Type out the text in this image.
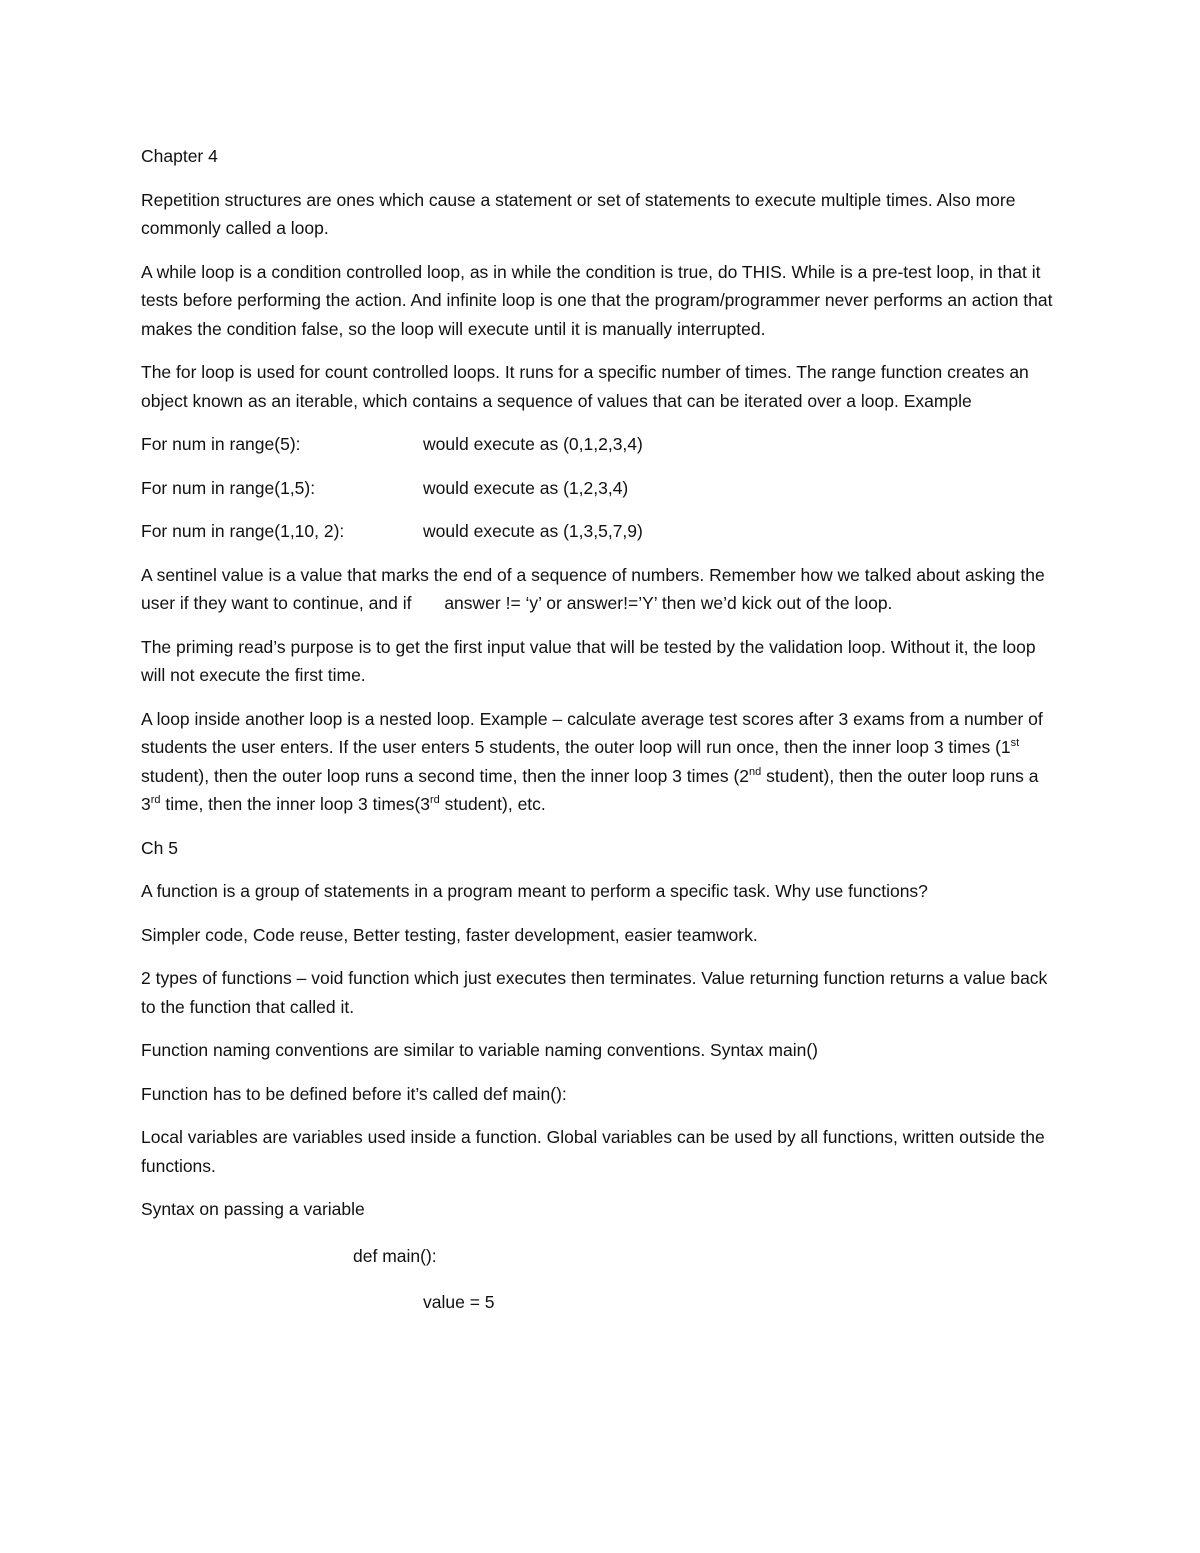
Chapter 4

Repetition structures are ones which cause a statement or set of statements to execute multiple times. Also more commonly called a loop.

A while loop is a condition controlled loop, as in while the condition is true, do THIS. While is a pre-test loop, in that it tests before performing the action. And infinite loop is one that the program/programmer never performs an action that makes the condition false, so the loop will execute until it is manually interrupted.

The for loop is used for count controlled loops. It runs for a specific number of times. The range function creates an object known as an iterable, which contains a sequence of values that can be iterated over a loop. Example

For num in range(5):	would execute as (0,1,2,3,4)
For num in range(1,5):	would execute as (1,2,3,4)
For num in range(1,10, 2):	would execute as (1,3,5,7,9)

A sentinel value is a value that marks the end of a sequence of numbers. Remember how we talked about asking the user if they want to continue, and if answer != ‘y’ or answer!=’Y’ then we’d kick out of the loop.

The priming read’s purpose is to get the first input value that will be tested by the validation loop. Without it, the loop will not execute the first time.

A loop inside another loop is a nested loop. Example – calculate average test scores after 3 exams from a number of students the user enters. If the user enters 5 students, the outer loop will run once, then the inner loop 3 times (1st student), then the outer loop runs a second time, then the inner loop 3 times (2nd student), then the outer loop runs a 3rd time, then the inner loop 3 times(3rd student), etc.

Ch 5

A function is a group of statements in a program meant to perform a specific task. Why use functions?

Simpler code, Code reuse, Better testing, faster development, easier teamwork.

2 types of functions – void function which just executes then terminates. Value returning function returns a value back to the function that called it.

Function naming conventions are similar to variable naming conventions. Syntax main()

Function has to be defined before it’s called def main():

Local variables are variables used inside a function. Global variables can be used by all functions, written outside the functions.

Syntax on passing a variable

def main():

value = 5
